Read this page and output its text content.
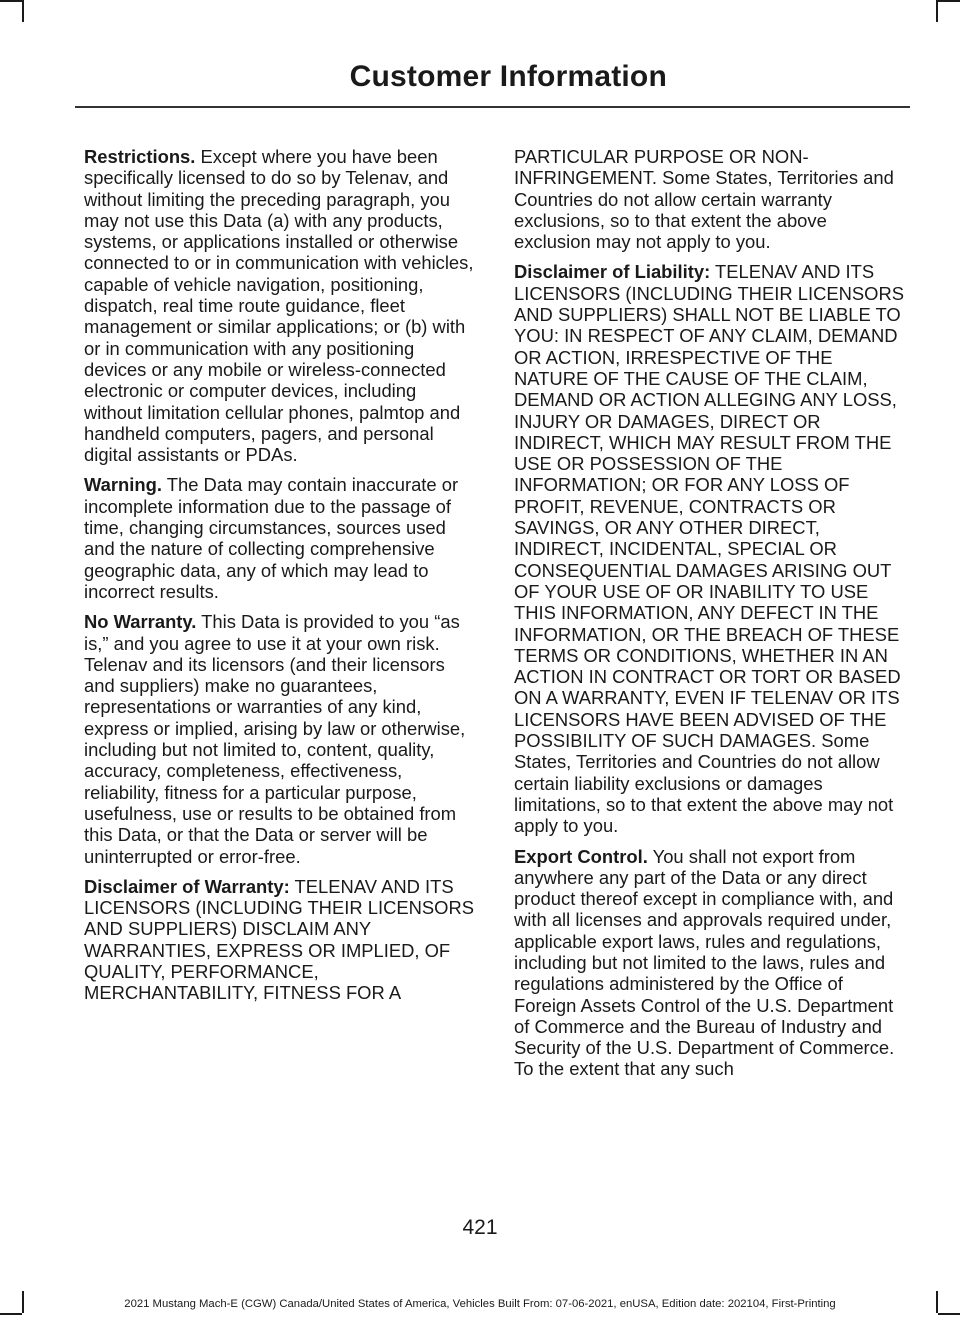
Customer Information

Restrictions. Except where you have been specifically licensed to do so by Telenav, and without limiting the preceding paragraph, you may not use this Data (a) with any products, systems, or applications installed or otherwise connected to or in communication with vehicles, capable of vehicle navigation, positioning, dispatch, real time route guidance, fleet management or similar applications; or (b) with or in communication with any positioning devices or any mobile or wireless-connected electronic or computer devices, including without limitation cellular phones, palmtop and handheld computers, pagers, and personal digital assistants or PDAs.

Warning. The Data may contain inaccurate or incomplete information due to the passage of time, changing circumstances, sources used and the nature of collecting comprehensive geographic data, any of which may lead to incorrect results.

No Warranty. This Data is provided to you “as is,” and you agree to use it at your own risk. Telenav and its licensors (and their licensors and suppliers) make no guarantees, representations or warranties of any kind, express or implied, arising by law or otherwise, including but not limited to, content, quality, accuracy, completeness, effectiveness, reliability, fitness for a particular purpose, usefulness, use or results to be obtained from this Data, or that the Data or server will be uninterrupted or error-free.

Disclaimer of Warranty: TELENAV AND ITS LICENSORS (INCLUDING THEIR LICENSORS AND SUPPLIERS) DISCLAIM ANY WARRANTIES, EXPRESS OR IMPLIED, OF QUALITY, PERFORMANCE, MERCHANTABILITY, FITNESS FOR A

PARTICULAR PURPOSE OR NON-INFRINGEMENT. Some States, Territories and Countries do not allow certain warranty exclusions, so to that extent the above exclusion may not apply to you.

Disclaimer of Liability: TELENAV AND ITS LICENSORS (INCLUDING THEIR LICENSORS AND SUPPLIERS) SHALL NOT BE LIABLE TO YOU: IN RESPECT OF ANY CLAIM, DEMAND OR ACTION, IRRESPECTIVE OF THE NATURE OF THE CAUSE OF THE CLAIM, DEMAND OR ACTION ALLEGING ANY LOSS, INJURY OR DAMAGES, DIRECT OR INDIRECT, WHICH MAY RESULT FROM THE USE OR POSSESSION OF THE INFORMATION; OR FOR ANY LOSS OF PROFIT, REVENUE, CONTRACTS OR SAVINGS, OR ANY OTHER DIRECT, INDIRECT, INCIDENTAL, SPECIAL OR CONSEQUENTIAL DAMAGES ARISING OUT OF YOUR USE OF OR INABILITY TO USE THIS INFORMATION, ANY DEFECT IN THE INFORMATION, OR THE BREACH OF THESE TERMS OR CONDITIONS, WHETHER IN AN ACTION IN CONTRACT OR TORT OR BASED ON A WARRANTY, EVEN IF TELENAV OR ITS LICENSORS HAVE BEEN ADVISED OF THE POSSIBILITY OF SUCH DAMAGES. Some States, Territories and Countries do not allow certain liability exclusions or damages limitations, so to that extent the above may not apply to you.

Export Control. You shall not export from anywhere any part of the Data or any direct product thereof except in compliance with, and with all licenses and approvals required under, applicable export laws, rules and regulations, including but not limited to the laws, rules and regulations administered by the Office of Foreign Assets Control of the U.S. Department of Commerce and the Bureau of Industry and Security of the U.S. Department of Commerce. To the extent that any such

421

2021 Mustang Mach-E (CGW) Canada/United States of America, Vehicles Built From: 07-06-2021, enUSA, Edition date: 202104, First-Printing
